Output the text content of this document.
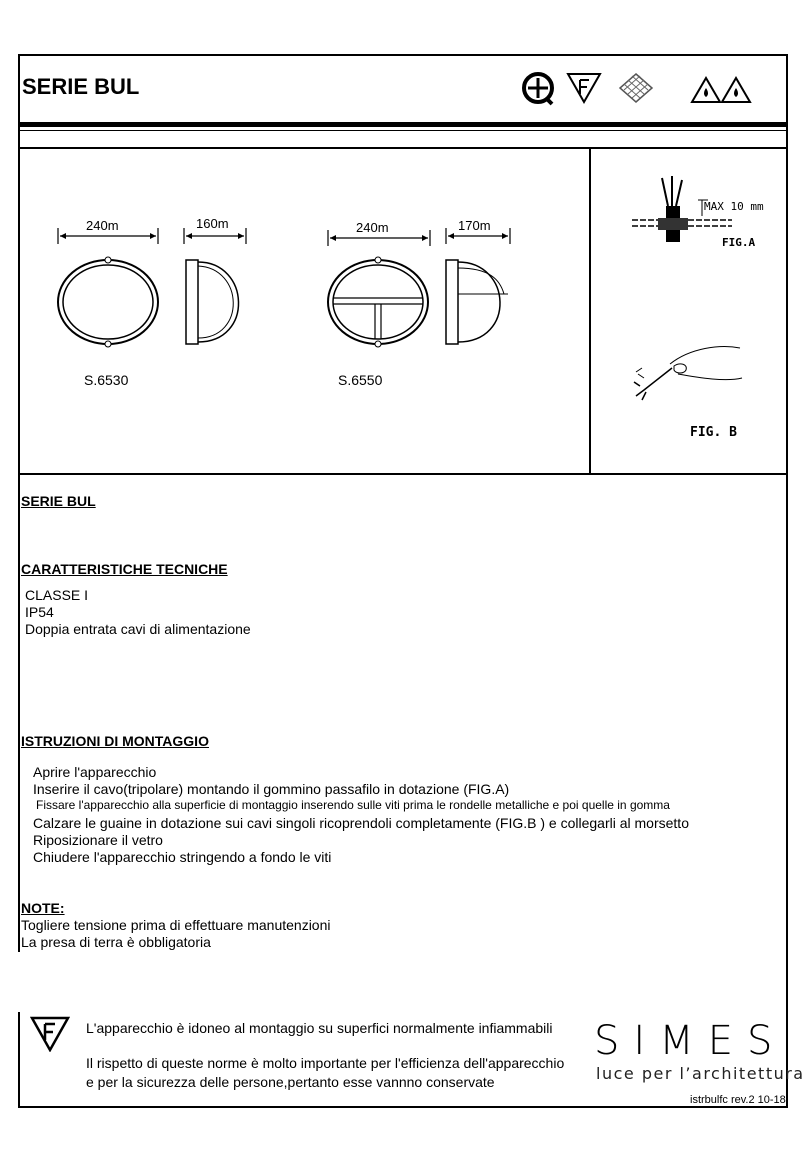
SERIE BUL
240m	160m	240m	170m
S.6530	S.6550
MAX 10 mm
FIG.A
FIG. B
SERIE BUL
CARATTERISTICHE TECNICHE
CLASSE I
IP54
Doppia entrata cavi di alimentazione
ISTRUZIONI DI MONTAGGIO
Aprire l'apparecchio
Inserire il cavo(tripolare) montando il gommino passafilo in dotazione (FIG.A)
Fissare l'apparecchio alla superficie di montaggio inserendo sulle viti prima le rondelle metalliche e poi quelle in gomma
Calzare le guaine in dotazione sui cavi singoli ricoprendoli completamente (FIG.B ) e collegarli al morsetto
Riposizionare il vetro
Chiudere l'apparecchio stringendo a fondo le viti
NOTE:
Togliere tensione prima di effettuare manutenzioni
La presa di terra è obbligatoria
L'apparecchio è idoneo al montaggio su superfici normalmente infiammabili
Il rispetto di queste norme è molto importante per l'efficienza dell'apparecchio
e per la sicurezza delle persone,pertanto esse vannno conservate
SIMES
luce per l’architettura
istrbulfc rev.2 10-18
